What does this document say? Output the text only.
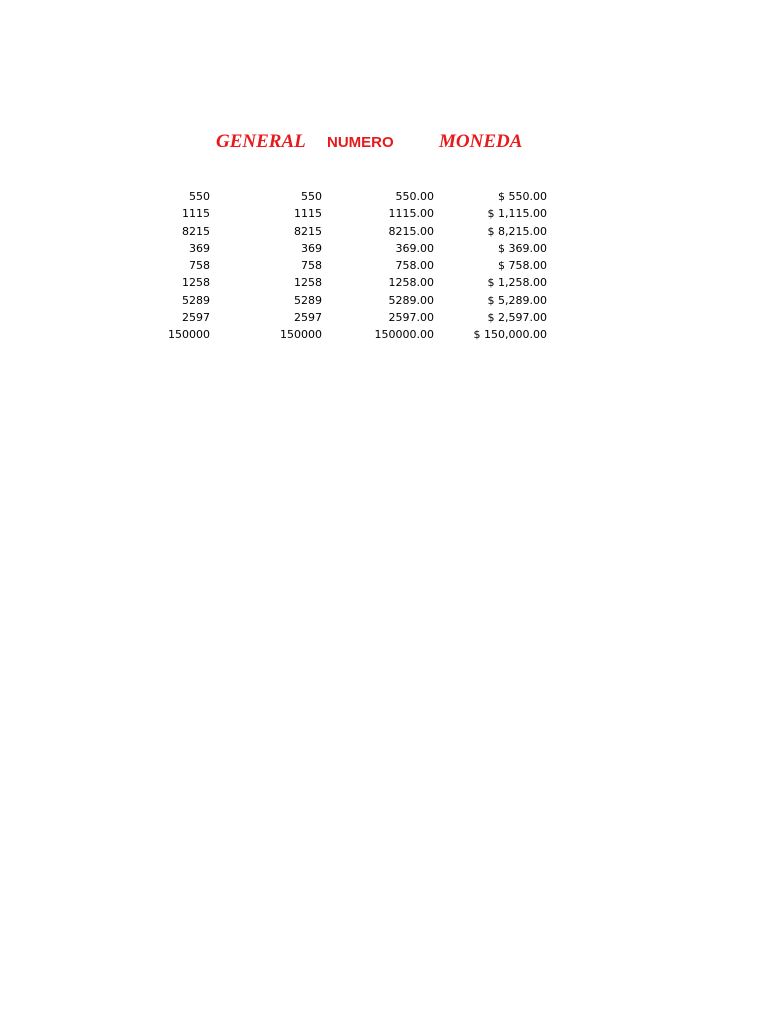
GENERAL NUMERO MONEDA
550	550	550.00	$ 550.00
1115	1115	1115.00	$ 1,115.00
8215	8215	8215.00	$ 8,215.00
369	369	369.00	$ 369.00
758	758	758.00	$ 758.00
1258	1258	1258.00	$ 1,258.00
5289	5289	5289.00	$ 5,289.00
2597	2597	2597.00	$ 2,597.00
150000	150000	150000.00	$ 150,000.00
